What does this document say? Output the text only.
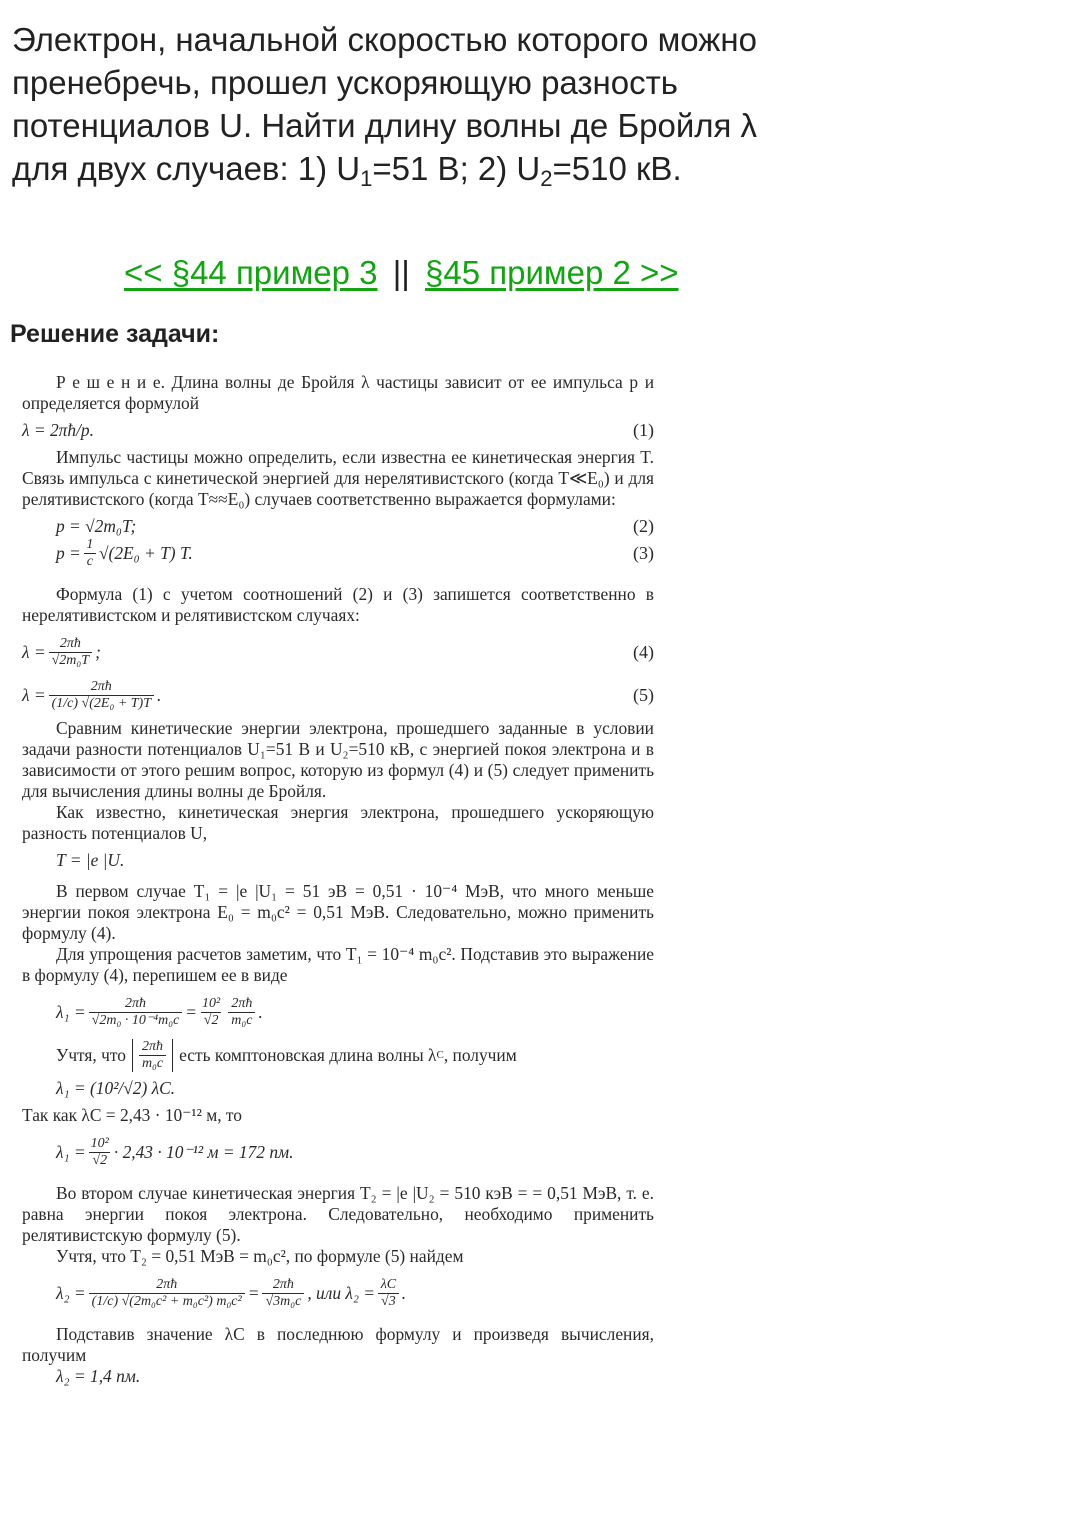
Электрон, начальной скоростью которого можно пренебречь, прошел ускоряющую разность потенциалов U. Найти длину волны де Бройля λ для двух случаев: 1) $U_1=51$ В; 2) $U_2=510$ кВ.
<< §44 пример 3 || §45 пример 2 >>
Решение задачи:

Р е ш е н и е. Длина волны де Бройля λ частицы зависит от ее импульса p и определяется формулой

λ = 2πħ/p.	(1)

Импульс частицы можно определить, если известна ее кинетическая энергия T. Связь импульса с кинетической энергией для нерелятивистского (когда T≪E₀) и для релятивистского (когда T≈≈E₀) случаев соответственно выражается формулами:

p = √2m₀T;	(2)
$p = \frac{1}{c} √(2E_0 + T)$ T.	(3)

Формула (1) с учетом соотношений (2) и (3) запишется соответственно в нерелятивистском и релятивистском случаях:

$\lambda = \frac{2\pi ħ}{\text{√2m₀T}}$ ;	(4)
$\lambda = \frac{2\pi ħ}{\text{(1/c) √(2E₀ + T)T}}$ .	(5)

Сравним кинетические энергии электрона, прошедшего заданные в условии задачи разности потенциалов U₁=51 В и U₂=510 кВ, с энергией покоя электрона и в зависимости от этого решим вопрос, которую из формул (4) и (5) следует применить для вычисления длины волны де Бройля.

Как известно, кинетическая энергия электрона, прошедшего ускоряющую разность потенциалов U,

T = |e |U.

В первом случае T₁ = |e |U₁ = 51 эВ = 0,51 · 10⁻⁴ МэВ, что много меньше энергии покоя электрона E₀ = m₀c² = 0,51 МэВ. Следовательно, можно применить формулу (4).

Для упрощения расчетов заметим, что T₁ = 10⁻⁴ m₀c². Подставив это выражение в формулу (4), перепишем ее в виде

$\lambda_1 = \frac{2\pi ħ}{\text{√2m₀ · 10⁻⁴m₀c}} = \frac{\text{10²}}{√2} \frac{2\pi ħ}{\text{m₀c}}$ .
Учтя, что $\frac{2\pi ħ}{\text{m₀c}}$ есть комптоновская длина волны λ C , получим
λ₁ = (10²/√2) λC.

Так как λC = 2,43 · 10⁻¹² м, то

$\lambda_1 = \frac{\text{10²}}{√2} \cdot 2,43 \cdot 10^{-12}$ м = 172 пм.

Во втором случае кинетическая энергия T₂ = |e |U₂ = 510 кэВ = = 0,51 МэВ, т. е. равна энергии покоя электрона. Следовательно, необходимо применить релятивистскую формулу (5).

Учтя, что T₂ = 0,51 МэВ = m₀c², по формуле (5) найдем

$\lambda_2 = \frac{2\pi ħ}{\text{(1/c) √(2m₀c² + m₀c²) m₀c²}} = \frac{2\pi ħ}{\text{√3m₀c}}$ , или $\lambda_2 = \frac{\lambda C}{√3}$ .

Подставив значение λC в последнюю формулу и произведя вычисления, получим

λ₂ = 1,4 пм.
